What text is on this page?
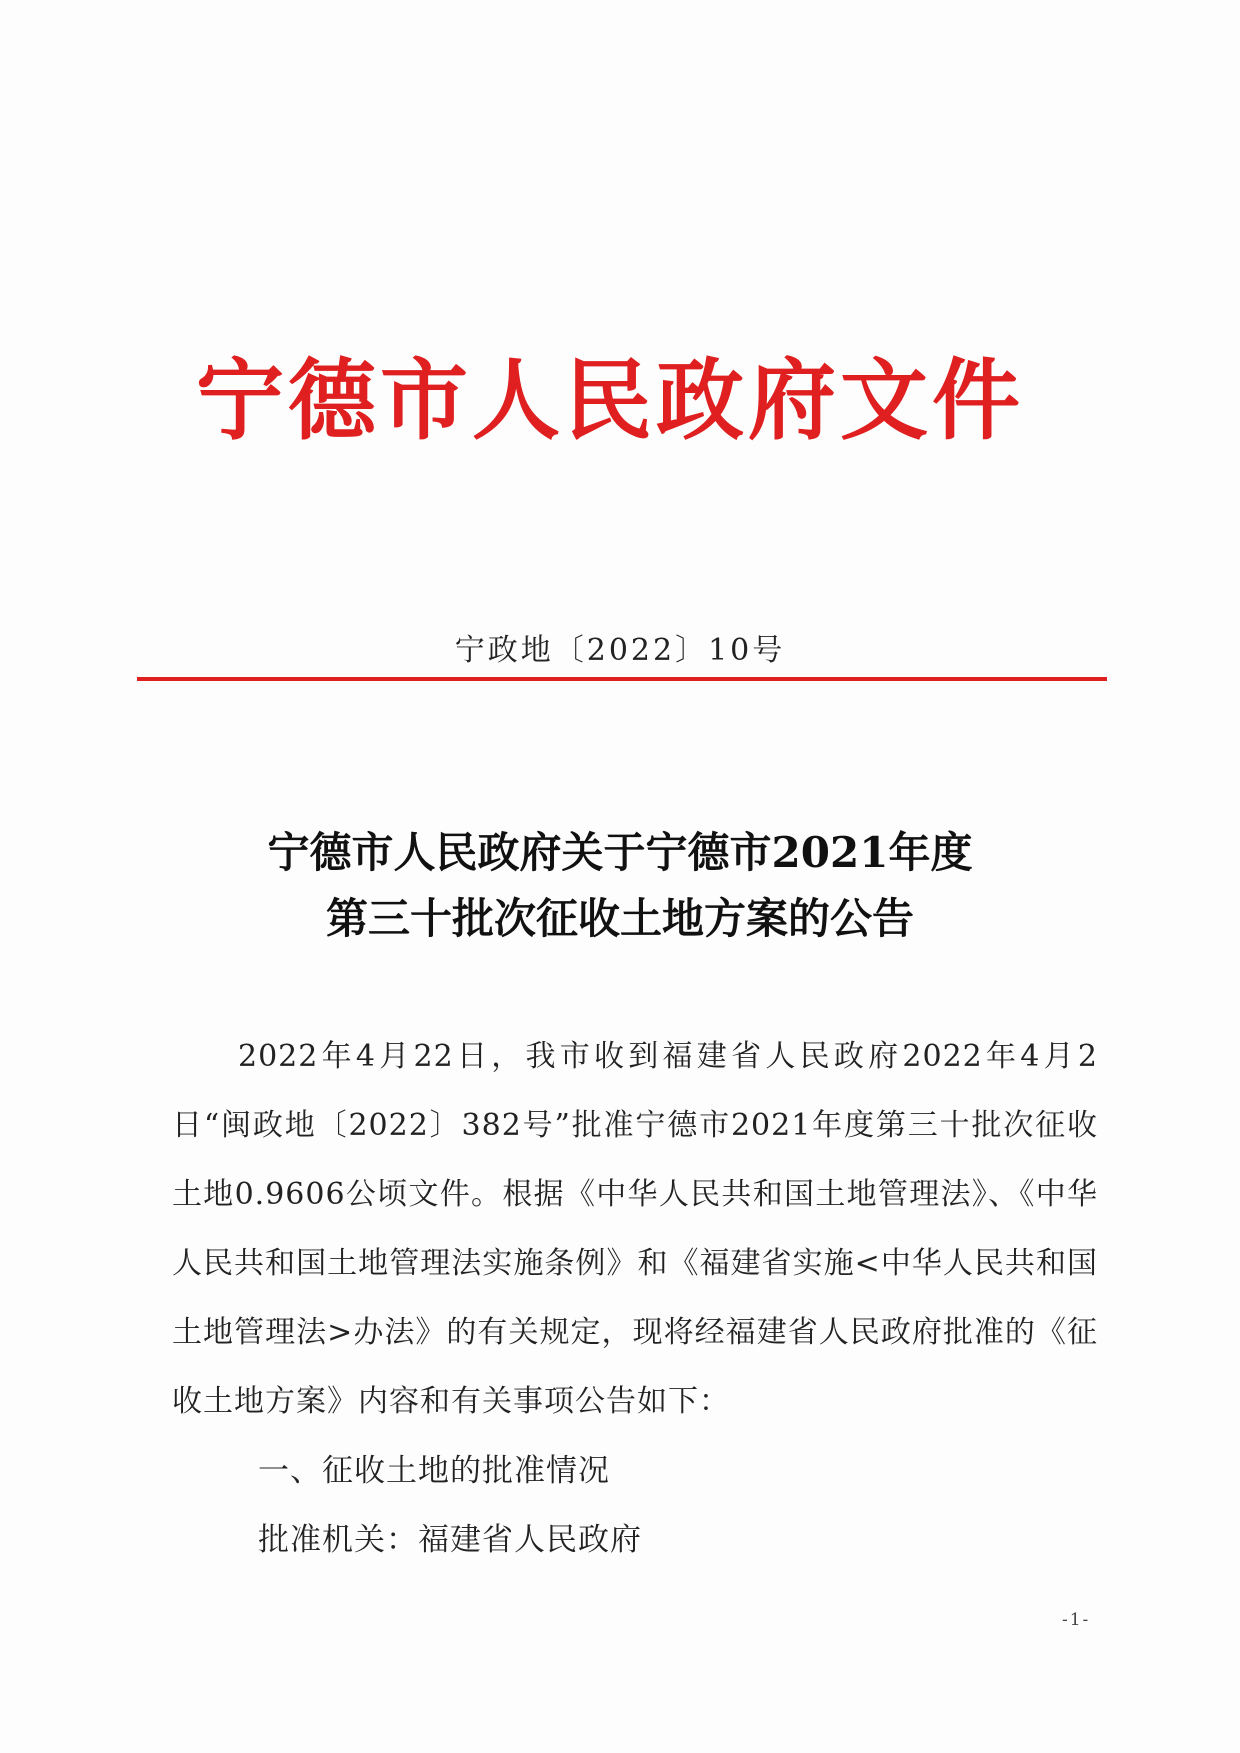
宁德市人民政府文件
宁政地〔2022〕10号
宁德市人民政府关于宁德市2021年度
第三十批次征收土地方案的公告

2022年4月22日，我市收到福建省人民政府2022年4月2日“闽政地〔2022〕382号”批准宁德市2021年度第三十批次征收土地0.9606公顷文件。根据《中华人民共和国土地管理法》、《中华人民共和国土地管理法实施条例》和《福建省实施<中华人民共和国土地管理法>办法》的有关规定，现将经福建省人民政府批准的《征收土地方案》内容和有关事项公告如下：

一、征收土地的批准情况
批准机关：福建省人民政府
-1-
